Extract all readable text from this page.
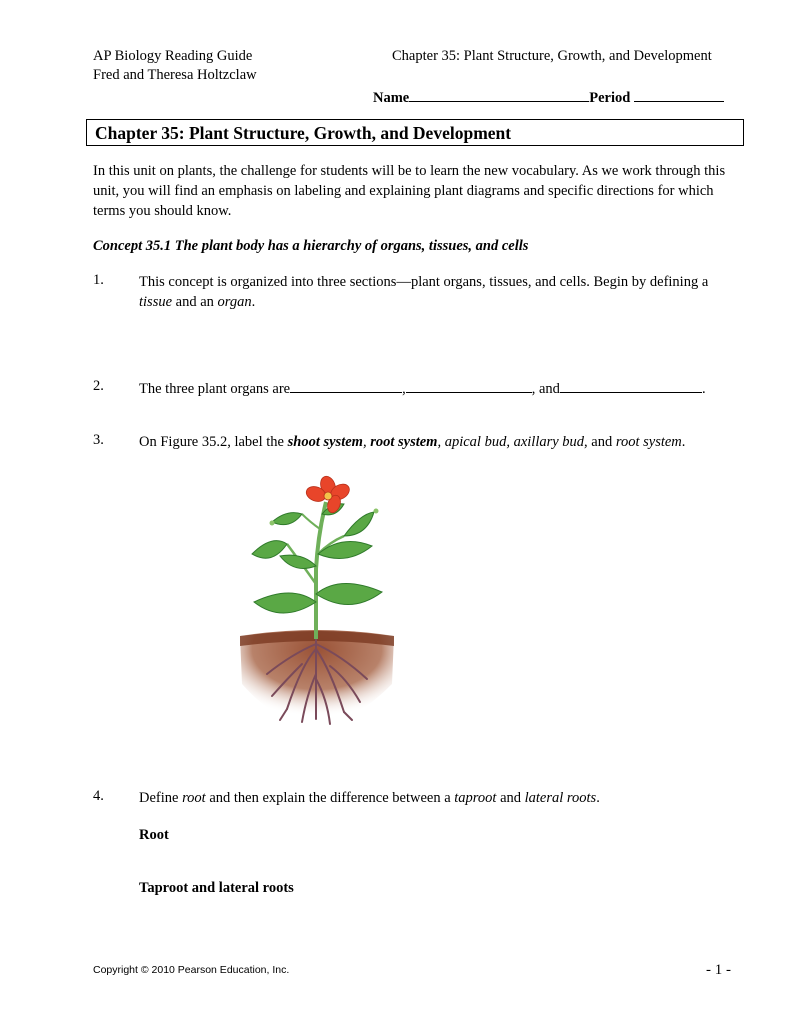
AP Biology Reading Guide
Fred and Theresa Holtzclaw
Chapter 35: Plant Structure, Growth, and Development
Name	Period
Chapter 35: Plant Structure, Growth, and Development
In this unit on plants, the challenge for students will be to learn the new vocabulary. As we work through this unit, you will find an emphasis on labeling and explaining plant diagrams and specific directions for which terms you should know.
Concept 35.1 The plant body has a hierarchy of organs, tissues, and cells
1. This concept is organized into three sections—plant organs, tissues, and cells. Begin by defining a tissue and an organ.
2. The three plant organs are	,	, and	.
3. On Figure 35.2, label the shoot system, root system, apical bud, axillary bud, and root system.
4. Define root and then explain the difference between a taproot and lateral roots.
Root
Taproot and lateral roots
Copyright © 2010 Pearson Education, Inc.	- 1 -
